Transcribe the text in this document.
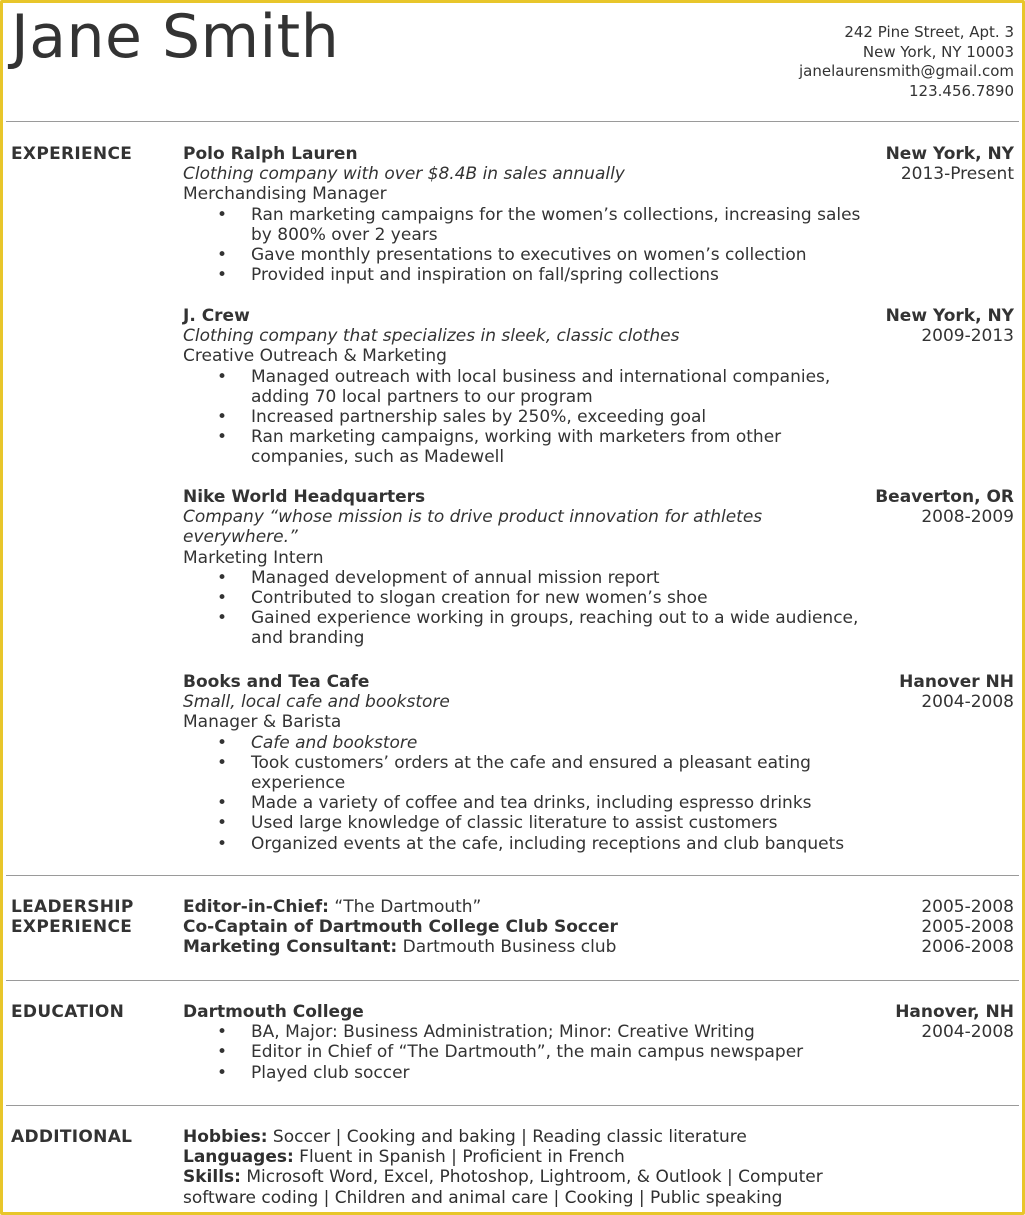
Jane Smith	242 Pine Street, Apt. 3
New York, NY 10003
janelaurensmith@gmail.com
123.456.7890
EXPERIENCE	Polo Ralph Lauren	New York, NY
Clothing company with over $8.4B in sales annually	2013-Present
Merchandising Manager
• Ran marketing campaigns for the women’s collections, increasing sales by 800% over 2 years
• Gave monthly presentations to executives on women’s collection
• Provided input and inspiration on fall/spring collections
J. Crew	New York, NY
Clothing company that specializes in sleek, classic clothes	2009-2013
Creative Outreach & Marketing
• Managed outreach with local business and international companies, adding 70 local partners to our program
• Increased partnership sales by 250%, exceeding goal
• Ran marketing campaigns, working with marketers from other companies, such as Madewell
Nike World Headquarters	Beaverton, OR
Company “whose mission is to drive product innovation for athletes everywhere.”
2008-2009
Marketing Intern
• Managed development of annual mission report
• Contributed to slogan creation for new women’s shoe
• Gained experience working in groups, reaching out to a wide audience, and branding
Books and Tea Cafe	Hanover NH
Small, local cafe and bookstore	2004-2008
Manager & Barista
• Cafe and bookstore
• Took customers’ orders at the cafe and ensured a pleasant eating experience
• Made a variety of coffee and tea drinks, including espresso drinks
• Used large knowledge of classic literature to assist customers
• Organized events at the cafe, including receptions and club banquets
LEADERSHIP
EXPERIENCE
Editor-in-Chief: “The Dartmouth”	2005-2008
Co-Captain of Dartmouth College Club Soccer	2005-2008
Marketing Consultant: Dartmouth Business club	2006-2008
EDUCATION	Dartmouth College	Hanover, NH
2004-2008
• BA, Major: Business Administration; Minor: Creative Writing
• Editor in Chief of “The Dartmouth”, the main campus newspaper
• Played club soccer
ADDITIONAL	Hobbies: Soccer | Cooking and baking | Reading classic literature
Languages: Fluent in Spanish | Proficient in French
Skills: Microsoft Word, Excel, Photoshop, Lightroom, & Outlook | Computer software coding | Children and animal care | Cooking | Public speaking
